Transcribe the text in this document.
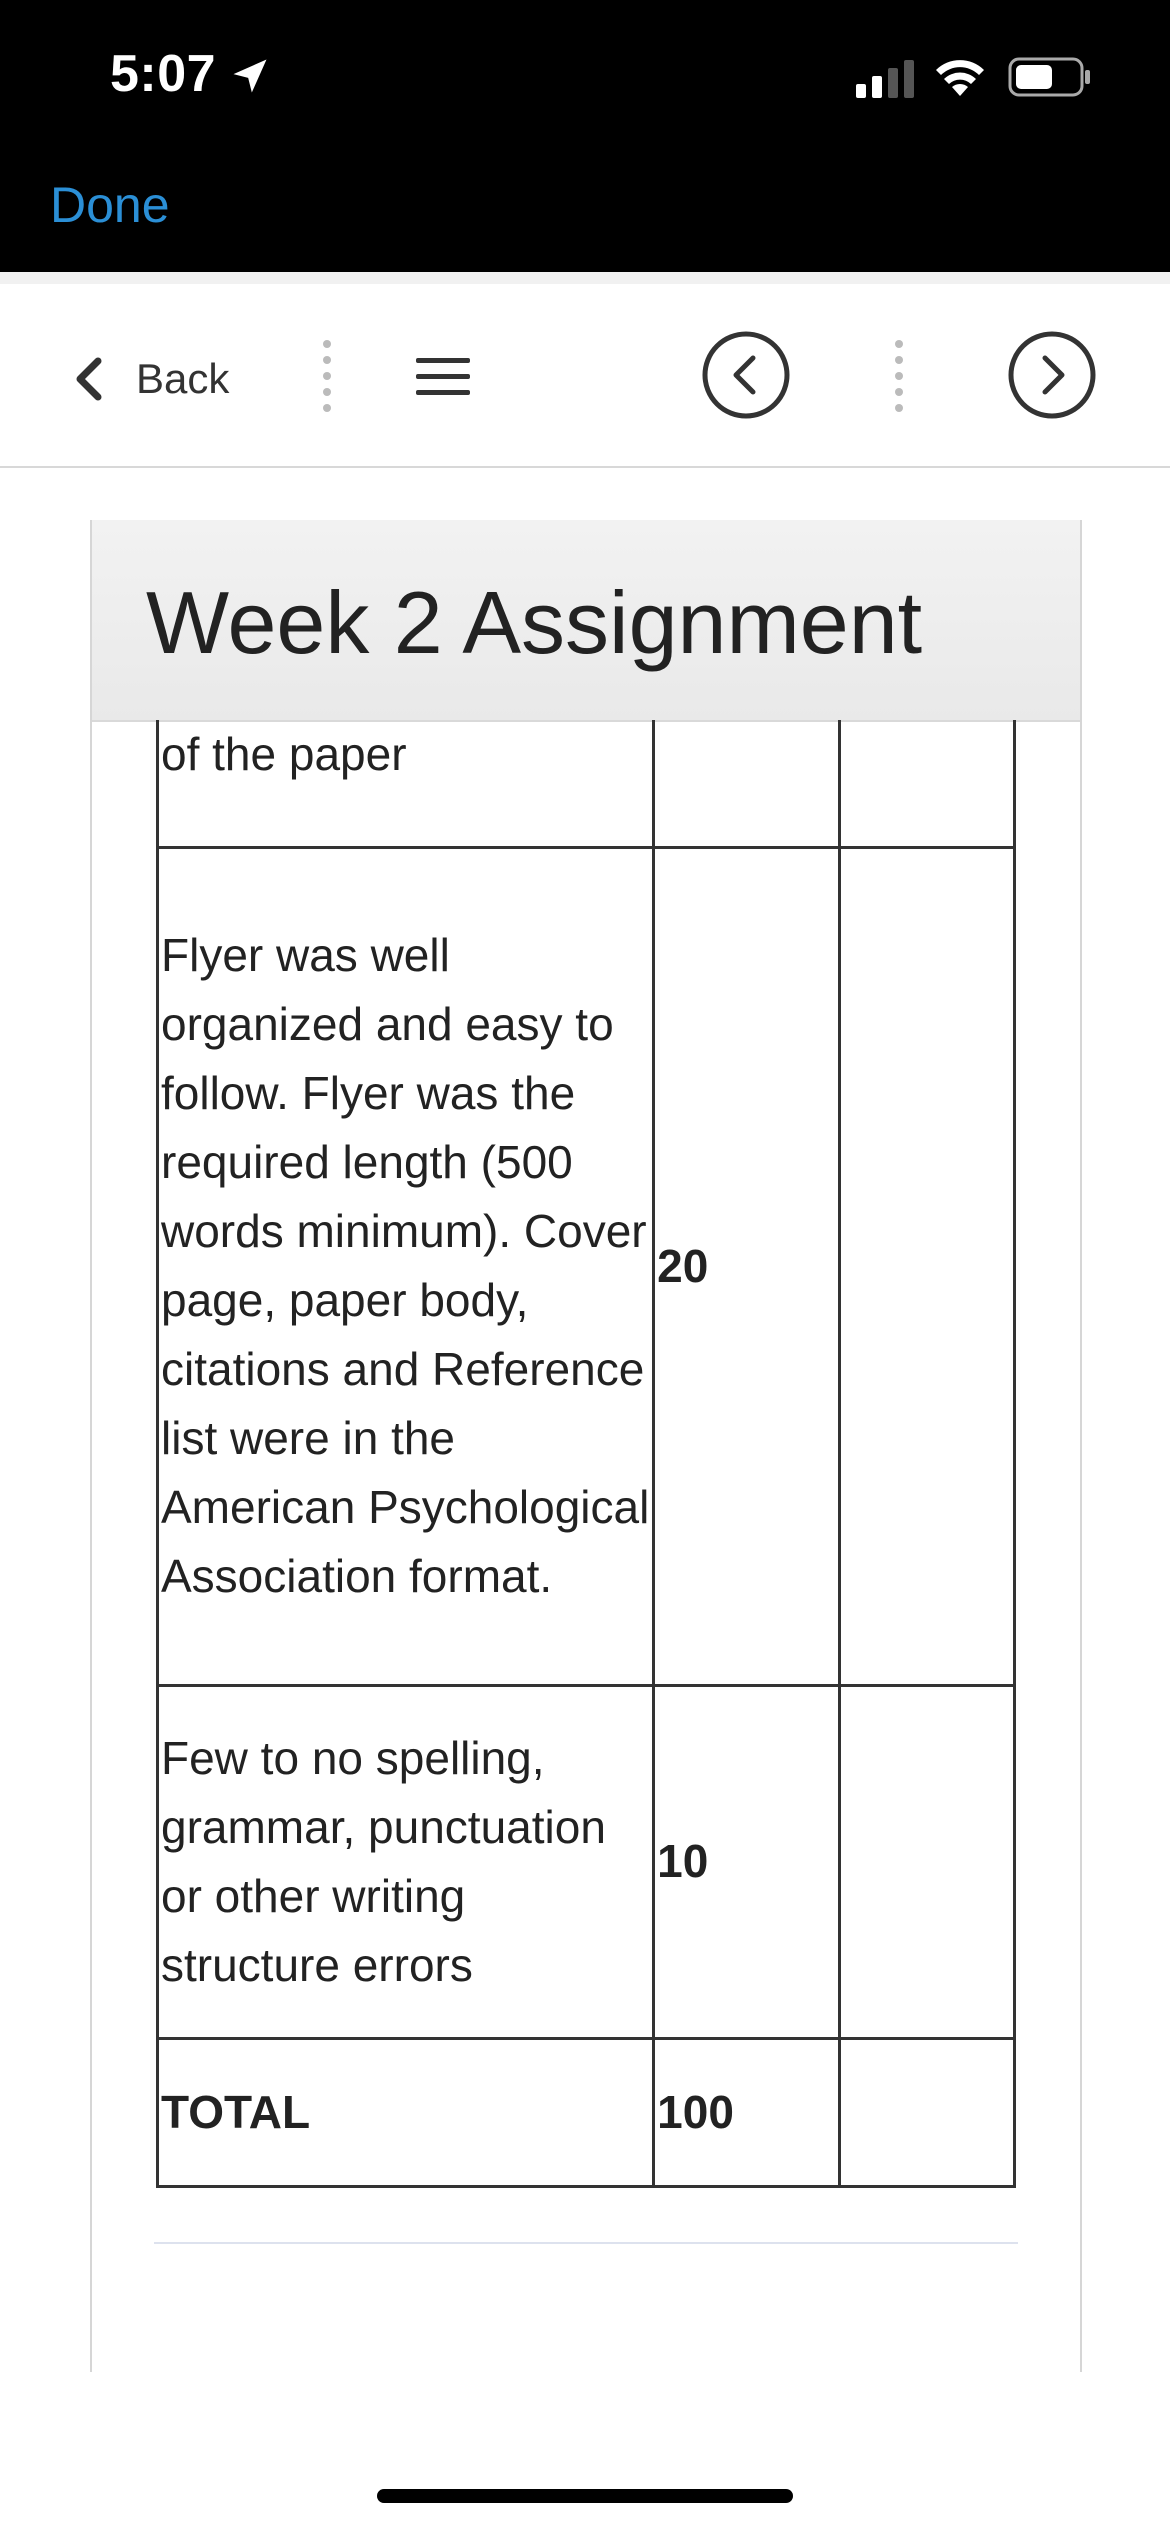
5:07
Done
Back
Week 2 Assignment
of the paper		

Flyer was well organized and easy to follow. Flyer was the required length (500 words minimum). Cover page, paper body, citations and Reference list were in the American Psychological Association format.	20	

Few to no spelling, grammar, punctuation or other writing structure errors	10	

TOTAL	100	
